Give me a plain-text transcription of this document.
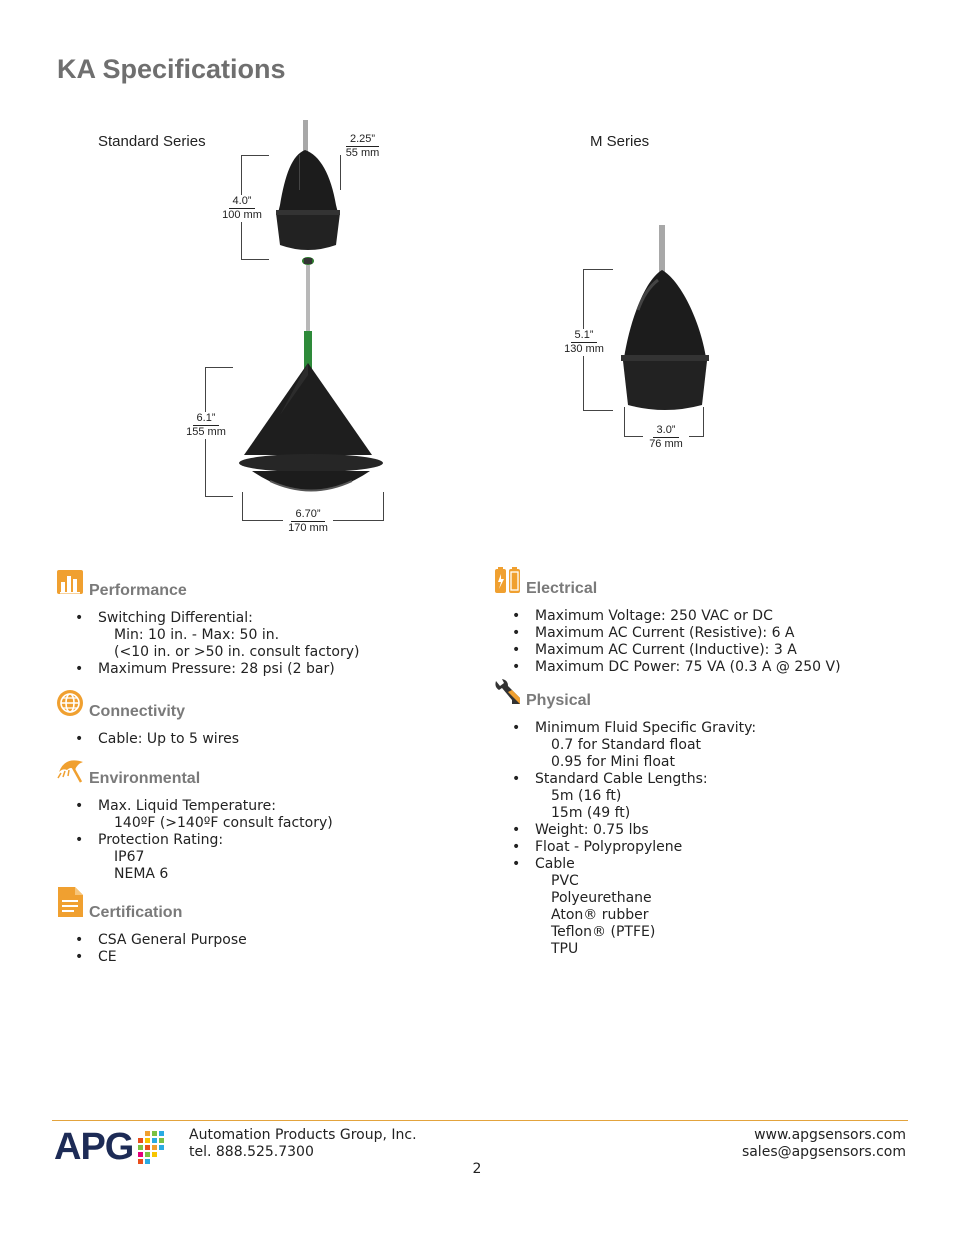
KA Specifications
Standard Series	M Series
2.25”
55 mm
4.0”
100 mm
6.1”
155 mm
6.70”
170 mm
5.1”
130 mm
3.0”
76 mm
Performance
• Switching Differential:
Min: 10 in. - Max: 50 in.
(<10 in. or >50 in. consult factory)
• Maximum Pressure: 28 psi (2 bar)
Connectivity
• Cable: Up to 5 wires
Environmental
• Max. Liquid Temperature:
140ºF (>140ºF consult factory)
• Protection Rating:
IP67
NEMA 6
Certification
• CSA General Purpose
• CE
Electrical
• Maximum Voltage: 250 VAC or DC
• Maximum AC Current (Resistive): 6 A
• Maximum AC Current (Inductive): 3 A
• Maximum DC Power: 75 VA (0.3 A @ 250 V)
Physical
• Minimum Fluid Specific Gravity:
0.7 for Standard float
0.95 for Mini float
• Standard Cable Lengths:
5m (16 ft)
15m (49 ft)
• Weight: 0.75 lbs
• Float - Polypropylene
• Cable
PVC
Polyeurethane
Aton® rubber
Teflon® (PTFE)
TPU
APG	Automation Products Group, Inc.
tel. 888.525.7300
www.apgsensors.com
sales@apgsensors.com
2
